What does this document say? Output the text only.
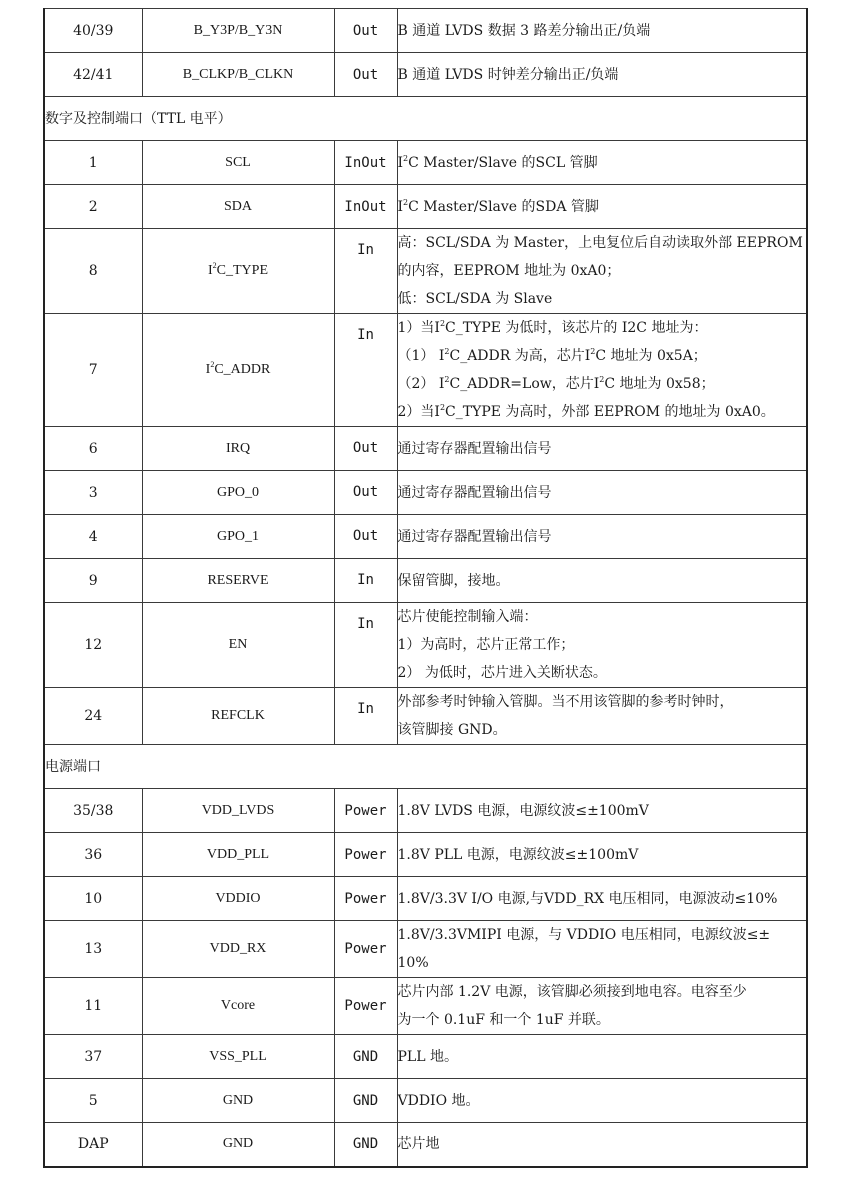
40/39	B_Y3P/B_Y3N	Out	B 通道 LVDS 数据 3 路差分输出正/负端

42/41	B_CLKP/B_CLKN	Out	B 通道 LVDS 时钟差分输出正/负端

数字及控制端口（TTL 电平）			
1	SCL	InOut	$I^2C$ Master/Slave 的SCL 管脚

2	SDA	InOut	$I^2C$ Master/Slave 的SDA 管脚

8	$I^2C\_TYPE$	In	高：SCL/SDA 为 Master，上电复位后自动读取外部 EEPROM
的内容，EEPROM 地址为 0xA0；
低：SCL/SDA 为 Slave

7	$I^2C\_ADDR$	In	1）当$I^2C\_TYPE$ 为低时，该芯片的 I2C 地址为：
（1） $I^2C\_ADDR$ 为高，芯片$I^2C$ 地址为 0x5A；
（2） $I^2C\_ADDR=Low$，芯片$I^2C$ 地址为 0x58；
2）当$I^2C\_TYPE$ 为高时，外部 EEPROM 的地址为 0xA0。

6	IRQ	Out	通过寄存器配置输出信号

3	GPO_0	Out	通过寄存器配置输出信号

4	GPO_1	Out	通过寄存器配置输出信号

9	RESERVE	In	保留管脚，接地。

12	EN	In	芯片使能控制输入端：
1）为高时，芯片正常工作；
2） 为低时，芯片进入关断状态。

24	REFCLK	In	外部参考时钟输入管脚。当不用该管脚的参考时钟时，
该管脚接 GND。

电源端口			
35/38	VDD_LVDS	Power	1.8V LVDS 电源，电源纹波≤±100mV

36	VDD_PLL	Power	1.8V PLL 电源，电源纹波≤±100mV

10	VDDIO	Power	1.8V/3.3V I/O 电源,与VDD_RX 电压相同，电源波动≤10%

13	VDD_RX	Power	1.8V/3.3VMIPI 电源，与 VDDIO 电压相同，电源纹波≤±
10%

11	Vcore	Power	芯片内部 1.2V 电源，该管脚必须接到地电容。电容至少
为一个 0.1uF 和一个 1uF 并联。

37	VSS_PLL	GND	PLL 地。

5	GND	GND	VDDIO 地。

DAP	GND	GND	芯片地
